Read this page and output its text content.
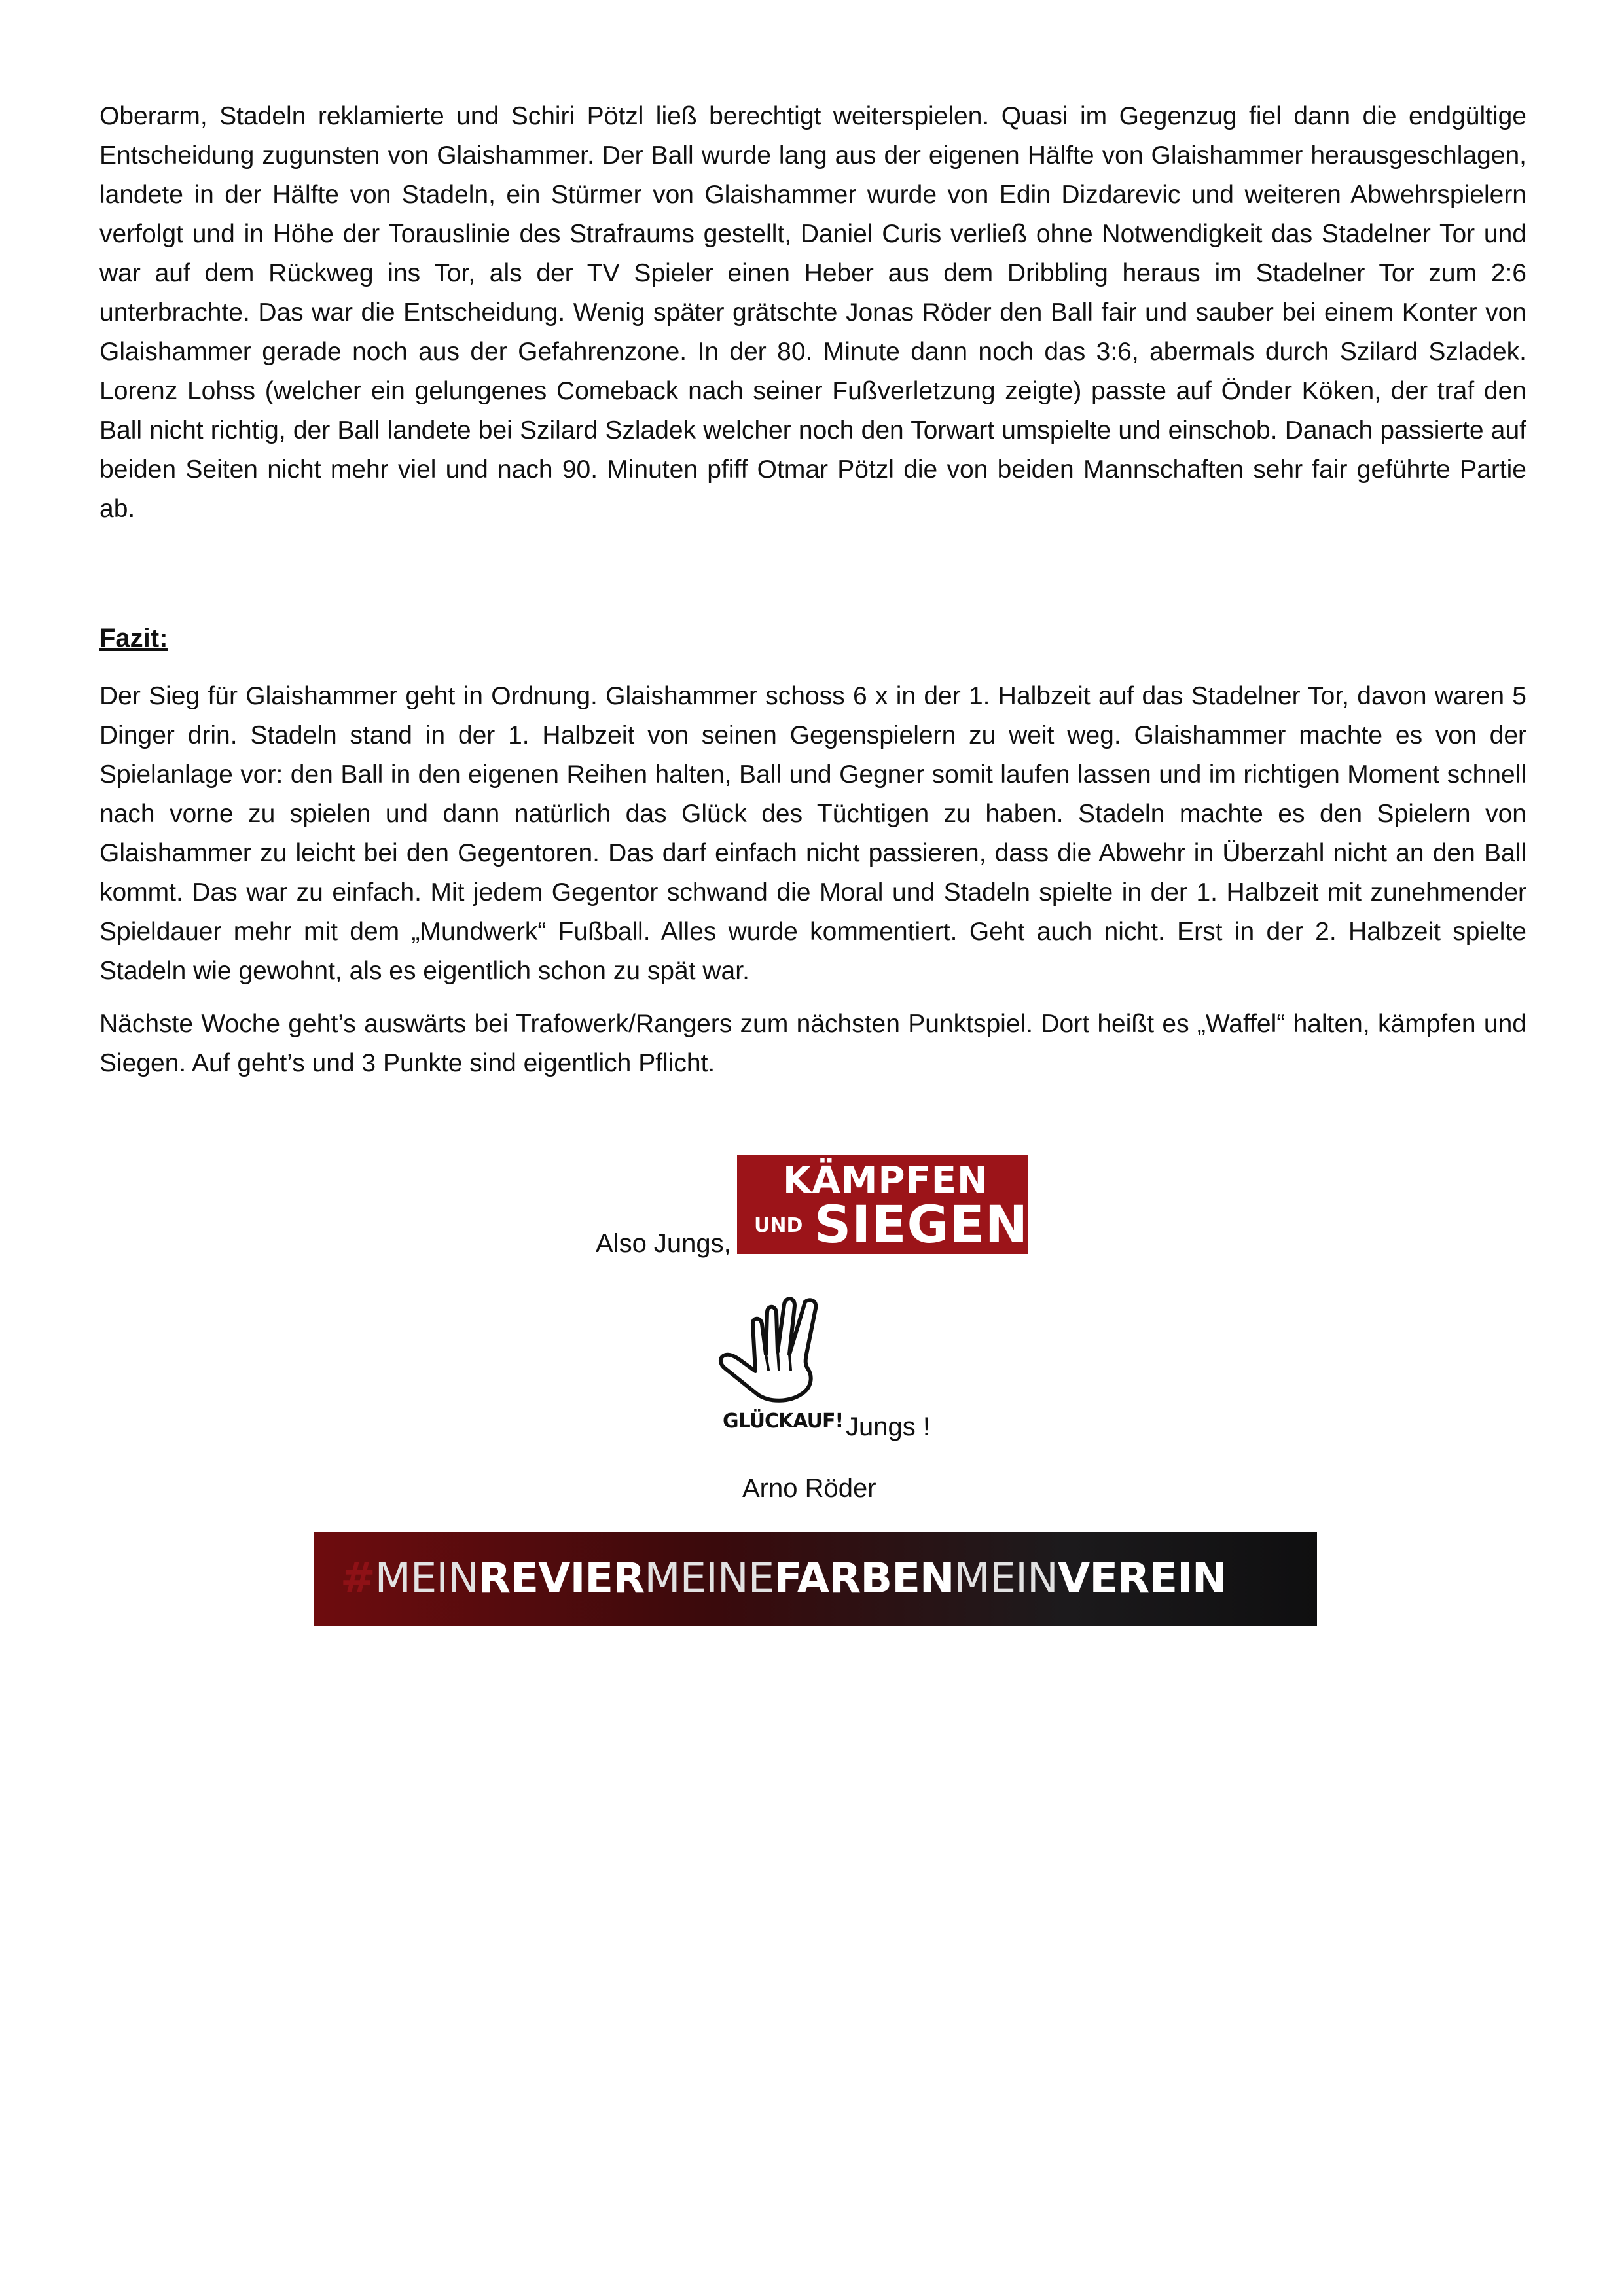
Oberarm, Stadeln reklamierte und Schiri Pötzl ließ berechtigt weiterspielen. Quasi im Gegenzug fiel dann die endgültige Entscheidung zugunsten von Glaishammer. Der Ball wurde lang aus der eigenen Hälfte von Glaishammer herausgeschlagen, landete in der Hälfte von Stadeln, ein Stürmer von Glaishammer wurde von Edin Dizdarevic und weiteren Abwehrspielern verfolgt und in Höhe der Torauslinie des Strafraums gestellt, Daniel Curis verließ ohne Notwendigkeit das Stadelner Tor und war auf dem Rückweg ins Tor, als der TV Spieler einen Heber aus dem Dribbling heraus im Stadelner Tor zum 2:6 unterbrachte. Das war die Entscheidung. Wenig später grätschte Jonas Röder den Ball fair und sauber bei einem Konter von Glaishammer gerade noch aus der Gefahrenzone. In der 80. Minute dann noch das 3:6, abermals durch Szilard Szladek. Lorenz Lohss (welcher ein gelungenes Comeback nach seiner Fußverletzung zeigte) passte auf Önder Köken, der traf den Ball nicht richtig, der Ball landete bei Szilard Szladek welcher noch den Torwart umspielte und einschob. Danach passierte auf beiden Seiten nicht mehr viel und nach 90. Minuten pfiff Otmar Pötzl die von beiden Mannschaften sehr fair geführte Partie ab.

Fazit:

Der Sieg für Glaishammer geht in Ordnung. Glaishammer schoss 6 x in der 1. Halbzeit auf das Stadelner Tor, davon waren 5 Dinger drin. Stadeln stand in der 1. Halbzeit von seinen Gegenspielern zu weit weg. Glaishammer machte es von der Spielanlage vor: den Ball in den eigenen Reihen halten, Ball und Gegner somit laufen lassen und im richtigen Moment schnell nach vorne zu spielen und dann natürlich das Glück des Tüchtigen zu haben. Stadeln machte es den Spielern von Glaishammer zu leicht bei den Gegentoren. Das darf einfach nicht passieren, dass die Abwehr in Überzahl nicht an den Ball kommt. Das war zu einfach. Mit jedem Gegentor schwand die Moral und Stadeln spielte in der 1. Halbzeit mit zunehmender Spieldauer mehr mit dem „Mundwerk“ Fußball. Alles wurde kommentiert. Geht auch nicht. Erst in der 2. Halbzeit spielte Stadeln wie gewohnt, als es eigentlich schon zu spät war.

Nächste Woche geht’s auswärts bei Trafowerk/Rangers zum nächsten Punktspiel. Dort heißt es „Waffel“ halten, kämpfen und Siegen. Auf geht’s und 3 Punkte sind eigentlich Pflicht.

Also Jungs,
KÄMPFEN
UND SIEGEN
GLÜCKAUF! Jungs !
Arno Röder
#MEINREVIERMEINEFARBENMEINVEREIN
